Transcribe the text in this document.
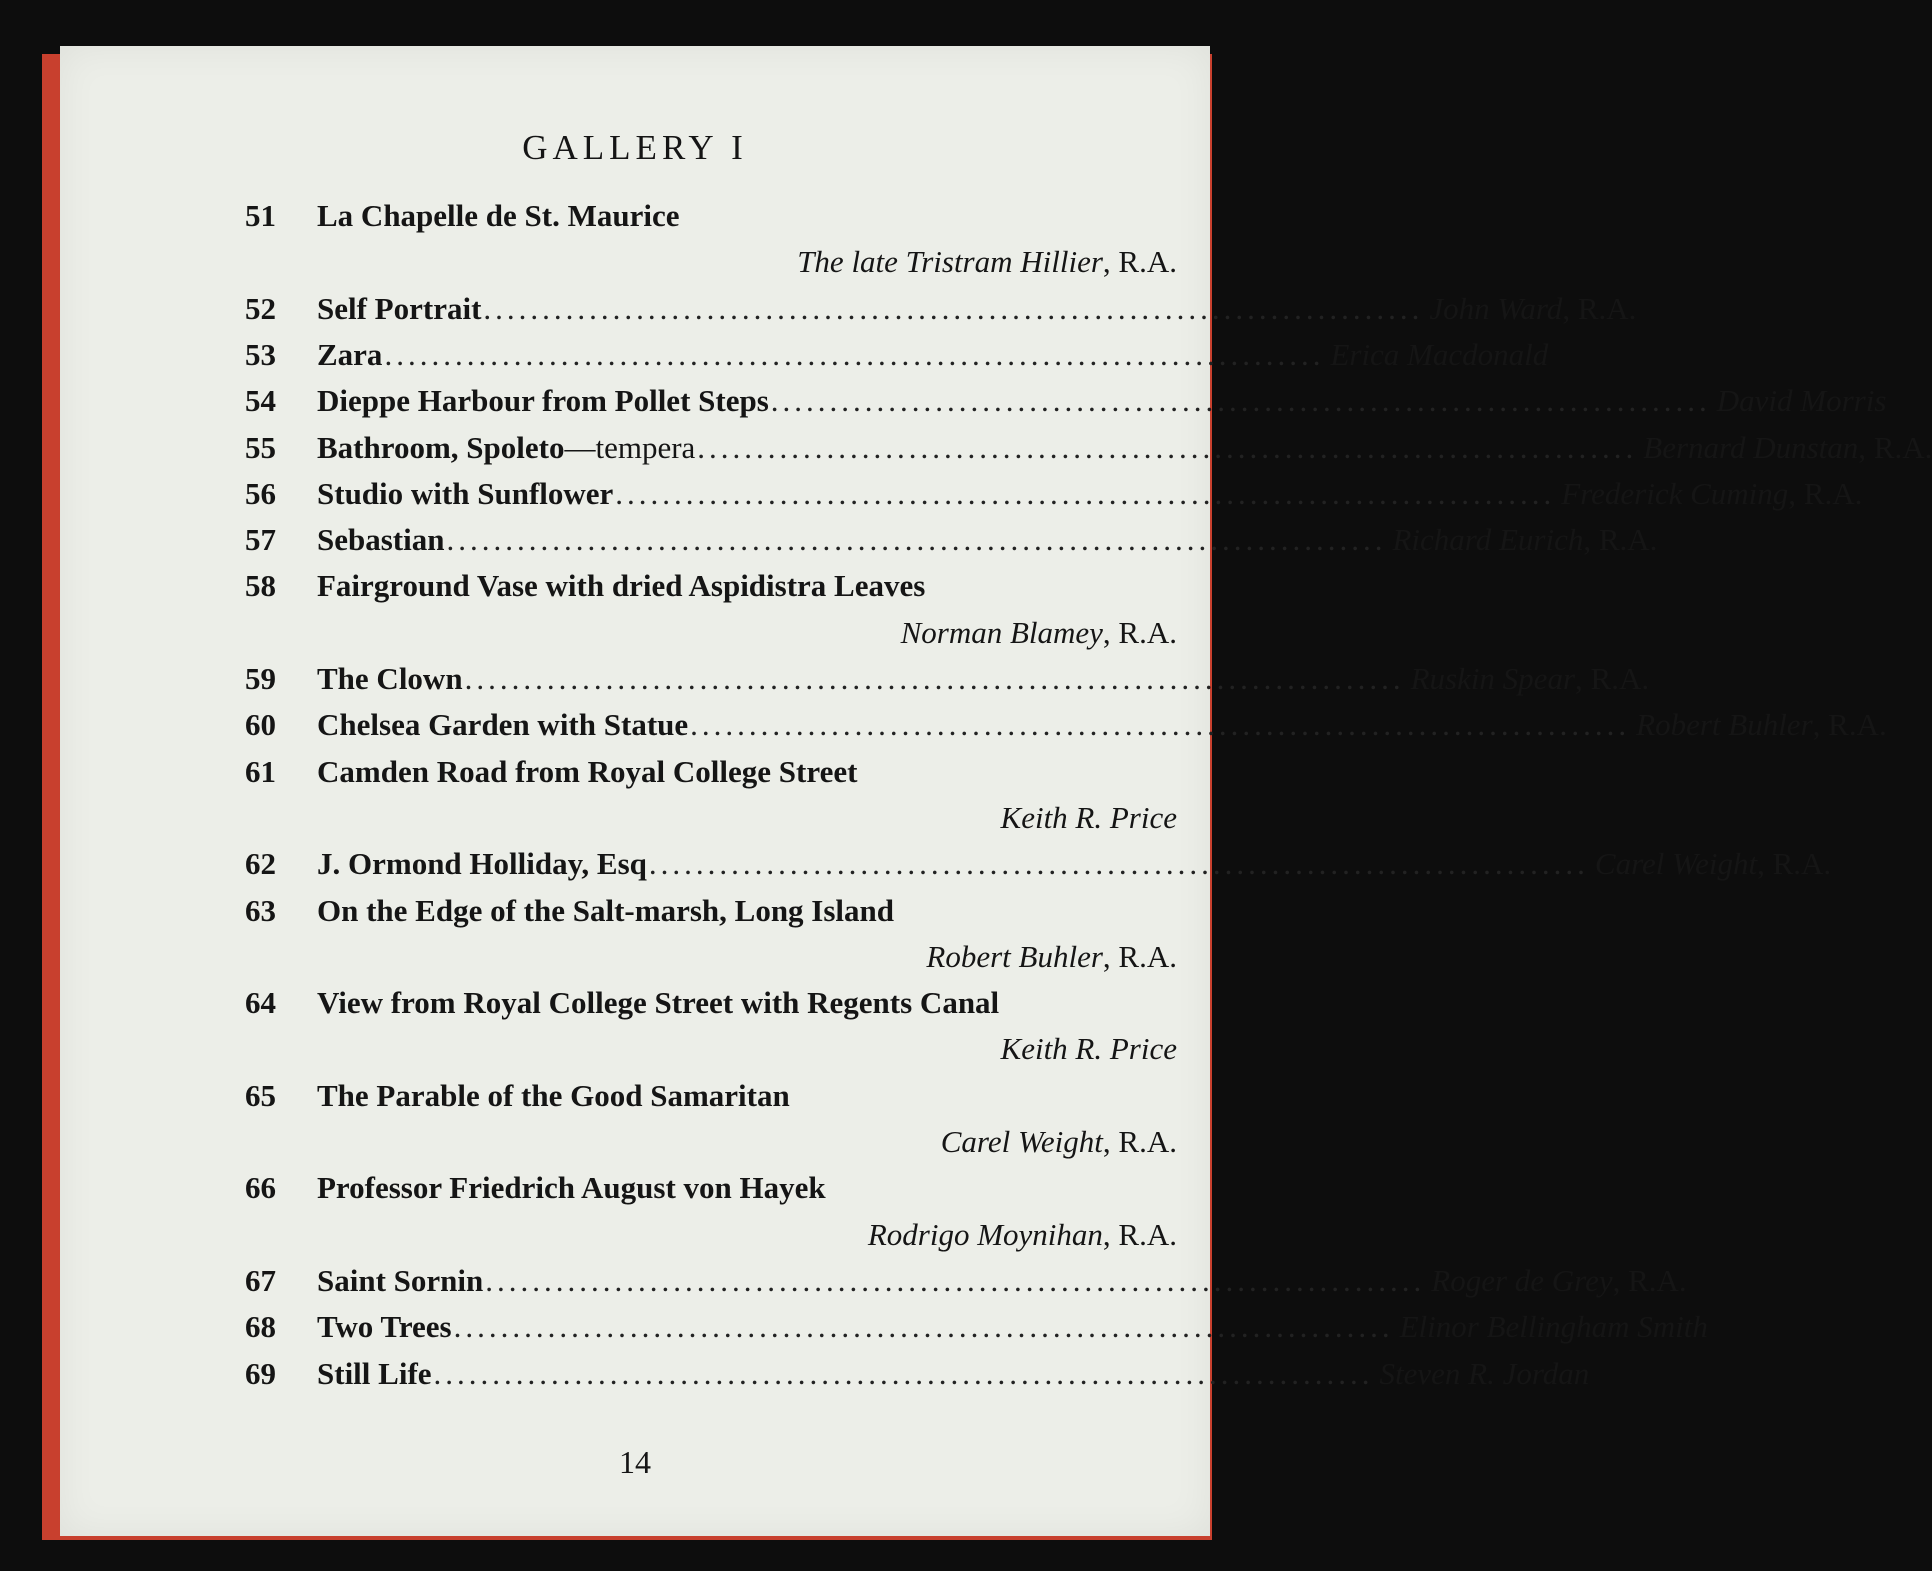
GALLERY I
51	La Chapelle de St. Maurice
The late Tristram Hillier, R.A.
52	Self Portrait ................................................................................ John Ward, R.A.
53	Zara ................................................................................ Erica Macdonald
54	Dieppe Harbour from Pollet Steps ................................................................................ David Morris
55	Bathroom, Spoleto —tempera ................................................................................ Bernard Dunstan, R.A.
56	Studio with Sunflower ................................................................................ Frederick Cuming, R.A.
57	Sebastian ................................................................................ Richard Eurich, R.A.
58	Fairground Vase with dried Aspidistra Leaves
Norman Blamey, R.A.
59	The Clown ................................................................................ Ruskin Spear, R.A.
60	Chelsea Garden with Statue ................................................................................ Robert Buhler, R.A.
61	Camden Road from Royal College Street
Keith R. Price
62	J. Ormond Holliday, Esq ................................................................................ Carel Weight, R.A.
63	On the Edge of the Salt-marsh, Long Island
Robert Buhler, R.A.
64	View from Royal College Street with Regents Canal
Keith R. Price
65	The Parable of the Good Samaritan
Carel Weight, R.A.
66	Professor Friedrich August von Hayek
Rodrigo Moynihan, R.A.
67	Saint Sornin ................................................................................ Roger de Grey, R.A.
68	Two Trees ................................................................................ Elinor Bellingham Smith
69	Still Life ................................................................................ Steven R. Jordan
14
